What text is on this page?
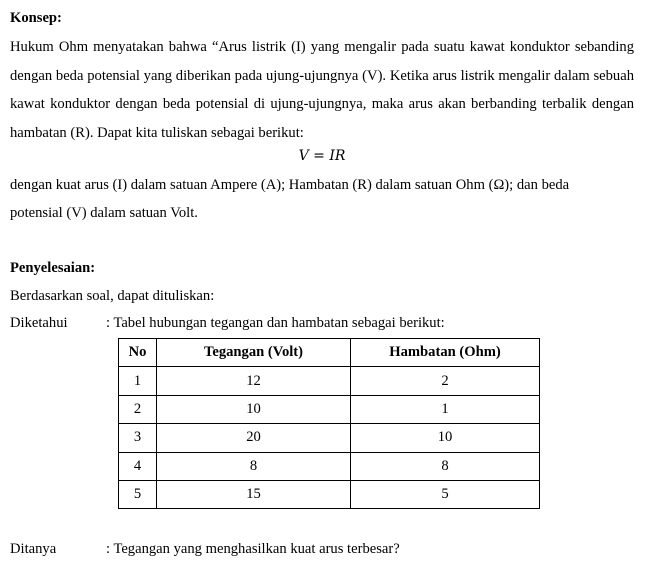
Konsep:
Hukum Ohm menyatakan bahwa “Arus listrik (I) yang mengalir pada suatu kawat konduktor sebanding dengan beda potensial yang diberikan pada ujung-ujungnya (V). Ketika arus listrik mengalir dalam sebuah kawat konduktor dengan beda potensial di ujung-ujungnya, maka arus akan berbanding terbalik dengan hambatan (R). Dapat kita tuliskan sebagai berikut:
V = IR
dengan kuat arus (I) dalam satuan Ampere (A); Hambatan (R) dalam satuan Ohm (Ω); dan beda
potensial (V) dalam satuan Volt.
Penyelesaian:
Berdasarkan soal, dapat dituliskan:
Diketahui	: Tabel hubungan tegangan dan hambatan sebagai berikut:
No	Tegangan (Volt)	Hambatan (Ohm)
1	12	2
2	10	1
3	20	10
4	8	8
5	15	5
Ditanya	: Tegangan yang menghasilkan kuat arus terbesar?
